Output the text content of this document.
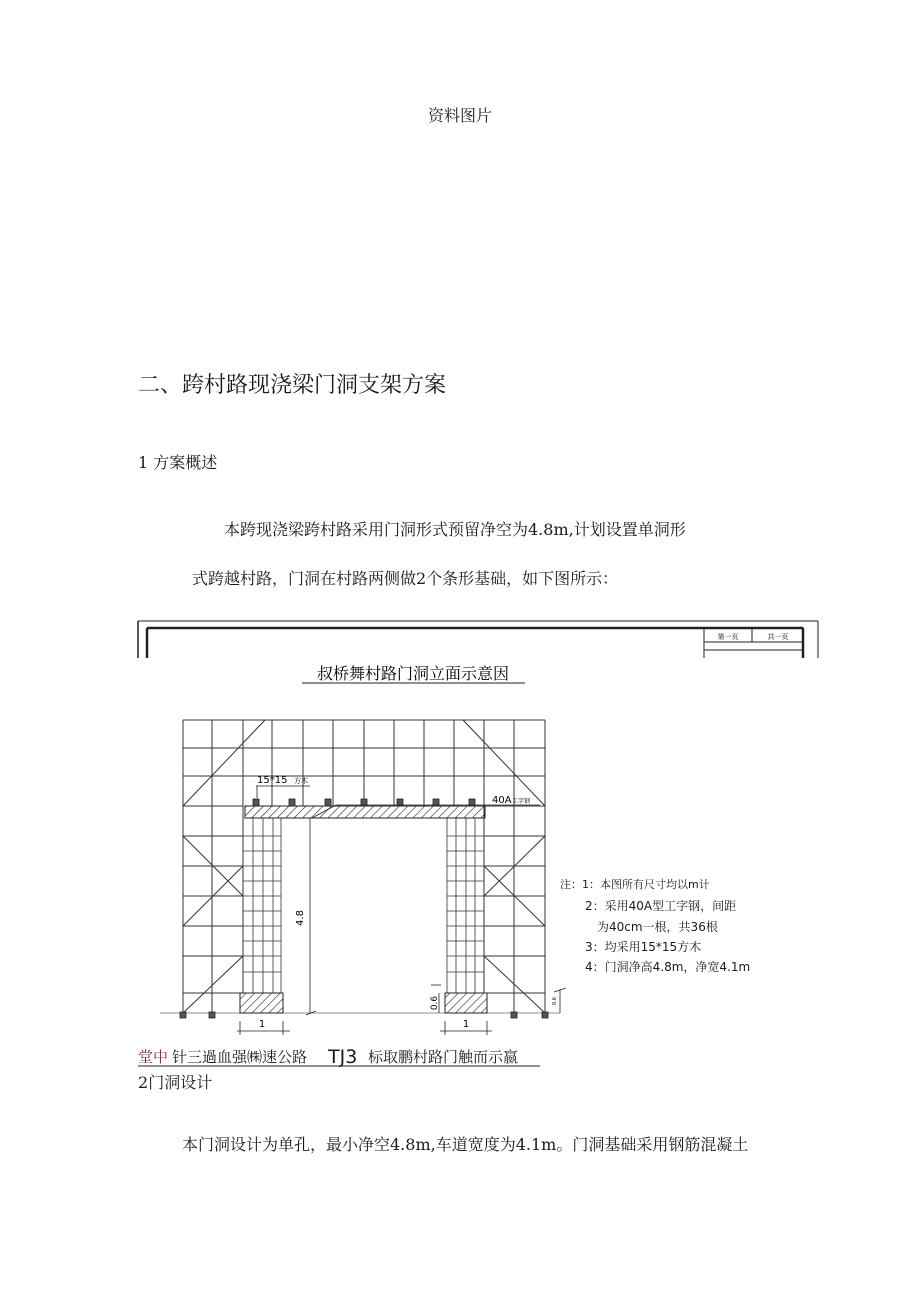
资料图片
二、跨村路现浇梁门洞支架方案
1 方案概述
本跨现浇梁跨村路采用门洞形式预留净空为4.8m,计划设置单洞形
式跨越村路，门洞在村路两侧做2个条形基础，如下图所示：
第一页	共一页
叔桥舞村路门洞立面示意因
15*15 方木
40A 工字钢
4.8
0.6	0.6
1	1
注：1：本图所有尺寸均以m计
2：采用40A型工字钢，间距
为40cm一根，共36根
3：均采用15*15方木
4：门洞净高4.8m，净宽4.1m
堂中 针三過血强㈱速公路 TJ3 标取鹏村路门触而示嬴
2门洞设计
本门洞设计为单孔，最小净空4.8m,车道宽度为4.1m。门洞基础采用钢筋混凝土
